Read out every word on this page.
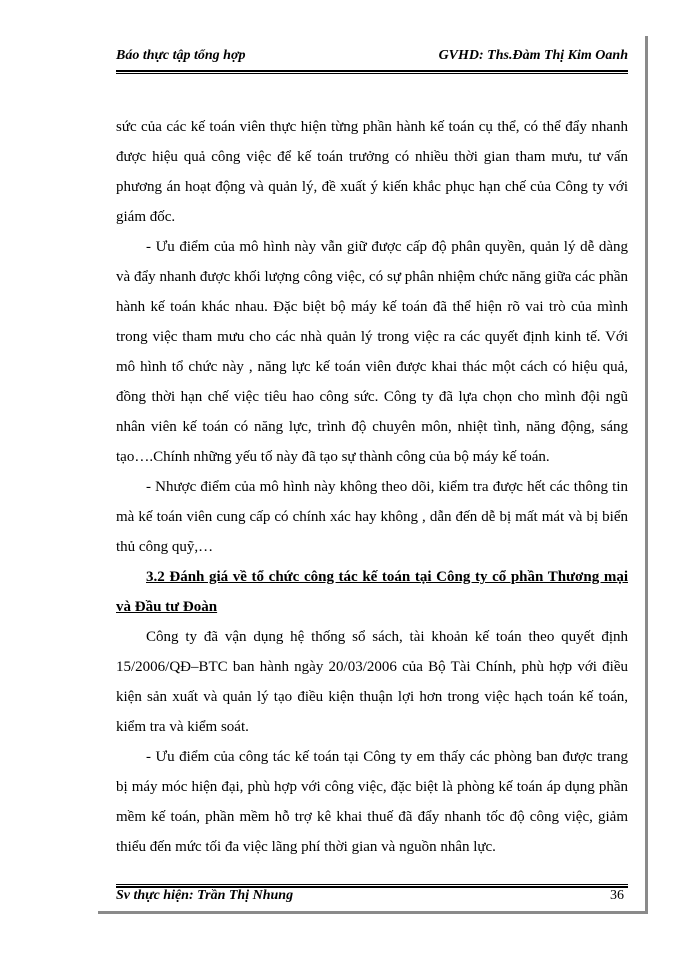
Báo thực tập tổng hợp	GVHD: Ths.Đàm Thị Kim Oanh

sức của các kế toán viên thực hiện từng phần hành kế toán cụ thể, có thể đẩy nhanh được hiệu quả công việc để kế toán trưởng có nhiều thời gian tham mưu, tư vấn phương án hoạt động và quản lý, đề xuất ý kiến khắc phục hạn chế của Công ty với giám đốc.

- Ưu điểm của mô hình này vẫn giữ được cấp độ phân quyền, quản lý dễ dàng và đẩy nhanh được khối lượng công việc, có sự phân nhiệm chức năng giữa các phần hành kế toán khác nhau. Đặc biệt bộ máy kế toán đã thể hiện rõ vai trò của mình trong việc tham mưu cho các nhà quản lý trong việc ra các quyết định kinh tế. Với mô hình tổ chức này , năng lực kế toán viên được khai thác một cách có hiệu quả, đồng thời hạn chế việc tiêu hao công sức. Công ty đã lựa chọn cho mình đội ngũ nhân viên kế toán có năng lực, trình độ chuyên môn, nhiệt tình, năng động, sáng tạo….Chính những yếu tố này đã tạo sự thành công của bộ máy kế toán.

- Nhược điểm của mô hình này không theo dõi, kiểm tra được hết các thông tin mà kế toán viên cung cấp có chính xác hay không , dẫn đến dễ bị mất mát và bị biển thủ công quỹ,…

3.2 Đánh giá về tổ chức công tác kế toán tại Công ty cổ phần Thương mại và Đầu tư Đoàn

Công ty đã vận dụng hệ thống sổ sách, tài khoản kế toán theo quyết định 15/2006/QĐ–BTC ban hành ngày 20/03/2006 của Bộ Tài Chính, phù hợp với điều kiện sản xuất và quản lý tạo điều kiện thuận lợi hơn trong việc hạch toán kế toán, kiểm tra và kiểm soát.

- Ưu điểm của công tác kế toán tại Công ty em thấy các phòng ban được trang bị máy móc hiện đại, phù hợp với công việc, đặc biệt là phòng kế toán áp dụng phần mềm kế toán, phần mềm hỗ trợ kê khai thuế đã đẩy nhanh tốc độ công việc, giảm thiểu đến mức tối đa việc lãng phí thời gian và nguồn nhân lực.

Sv thực hiện: Trần Thị Nhung	36
